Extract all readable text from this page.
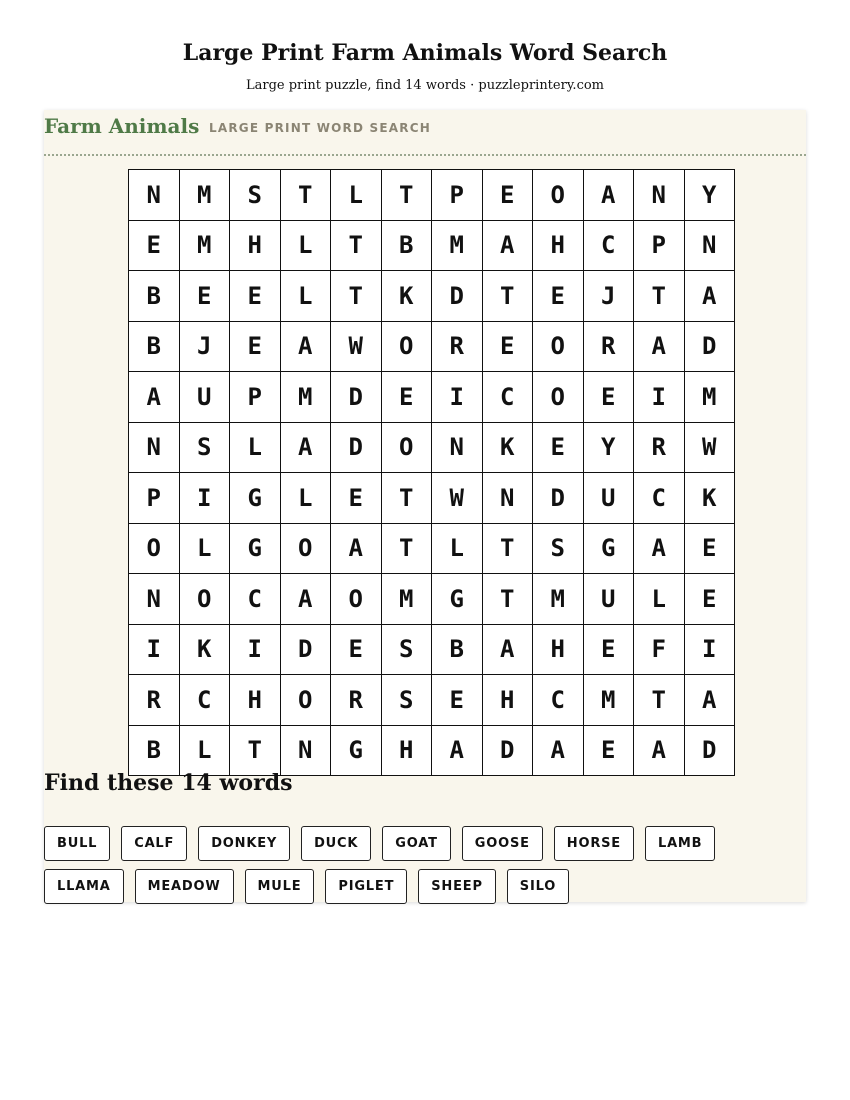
Large Print Farm Animals Word Search

Large print puzzle, find 14 words · puzzleprintery.com

Farm Animals LARGE PRINT WORD SEARCH
N	M	S	T	L	T	P	E	O	A	N	Y
E	M	H	L	T	B	M	A	H	C	P	N
B	E	E	L	T	K	D	T	E	J	T	A
B	J	E	A	W	O	R	E	O	R	A	D
A	U	P	M	D	E	I	C	O	E	I	M
N	S	L	A	D	O	N	K	E	Y	R	W
P	I	G	L	E	T	W	N	D	U	C	K
O	L	G	O	A	T	L	T	S	G	A	E
N	O	C	A	O	M	G	T	M	U	L	E
I	K	I	D	E	S	B	A	H	E	F	I
R	C	H	O	R	S	E	H	C	M	T	A
B	L	T	N	G	H	A	D	A	E	A	D
Find these 14 words
BULL	CALF	DONKEY	DUCK	GOAT	GOOSE	HORSE	LAMB
LLAMA	MEADOW	MULE	PIGLET	SHEEP	SILO
